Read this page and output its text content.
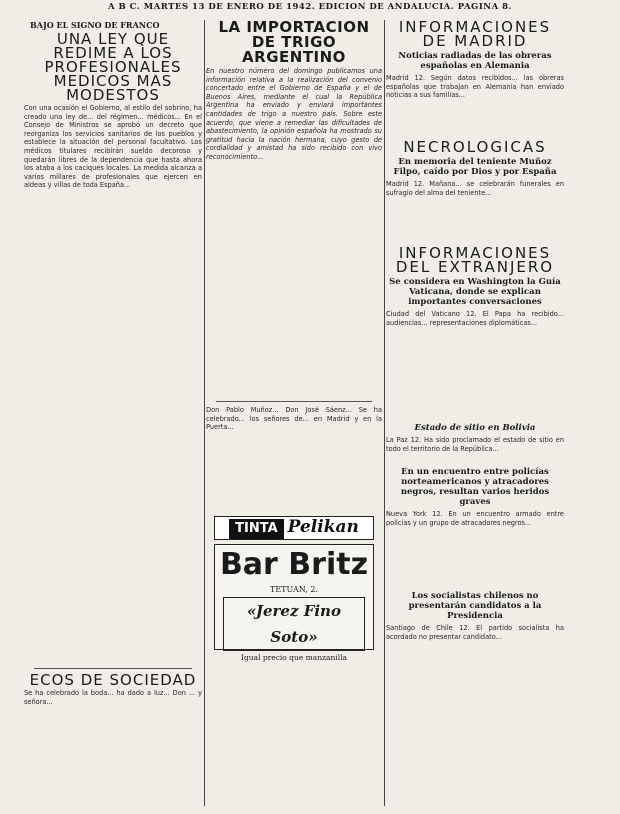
A B C. MARTES 13 DE ENERO DE 1942. EDICION DE ANDALUCIA. PAGINA 8.
BAJO EL SIGNO DE FRANCO
UNA LEY QUE REDIME A LOS PROFESIONALES MEDICOS MAS MODESTOS

Con una ocasión el Gobierno, al estilo del sobrino, ha creado una ley de... del régimen... médicos... En el Consejo de Ministros se aprobó un decreto que reorganiza los servicios sanitarios de los pueblos y establece la situación del personal facultativo. Los médicos titulares recibirán sueldo decoroso y quedarán libres de la dependencia que hasta ahora los ataba a los caciques locales. La medida alcanza a varios millares de profesionales que ejercen en aldeas y villas de toda España...

ECOS DE SOCIEDAD

Se ha celebrado la boda... ha dado a luz... Don ... y señora...

LA IMPORTACION DE TRIGO ARGENTINO

En nuestro número del domingo publicamos una información relativa a la realización del convenio concertado entre el Gobierno de España y el de Buenos Aires, mediante el cual la República Argentina ha enviado y enviará importantes cantidades de trigo a nuestro país. Sobre este acuerdo, que viene a remediar las dificultades de abastecimiento, la opinión española ha mostrado su gratitud hacia la nación hermana, cuyo gesto de cordialidad y amistad ha sido recibido con vivo reconocimiento...

Don Pablo Muñoz... Don José Sáenz... Se ha celebrado... los señores de... en Madrid y en la Puerta...

TINTA Pelikan
Bar Britz
TETUAN, 2.
«Jerez Fino Soto»
Igual precio que manzanilla
INFORMACIONES DE MADRID
Noticias radiadas de las obreras españolas en Alemania

Madrid 12. Según datos recibidos... las obreras españolas que trabajan en Alemania han enviado noticias a sus familias...

NECROLOGICAS
En memoria del teniente Muñoz Filpo, caído por Dios y por España

Madrid 12. Mañana... se celebrarán funerales en sufragio del alma del teniente...

INFORMACIONES DEL EXTRANJERO
Se considera en Washington la Guía Vaticana, donde se explican importantes conversaciones

Ciudad del Vaticano 12. El Papa ha recibido... audiencias... representaciones diplomáticas...

Estado de sitio en Bolivia

La Paz 12. Ha sido proclamado el estado de sitio en todo el territorio de la República...

En un encuentro entre policías norteamericanos y atracadores negros, resultan varios heridos graves

Nueva York 12. En un encuentro armado entre policías y un grupo de atracadores negros...

Los socialistas chilenos no presentarán candidatos a la Presidencia

Santiago de Chile 12. El partido socialista ha acordado no presentar candidato...
